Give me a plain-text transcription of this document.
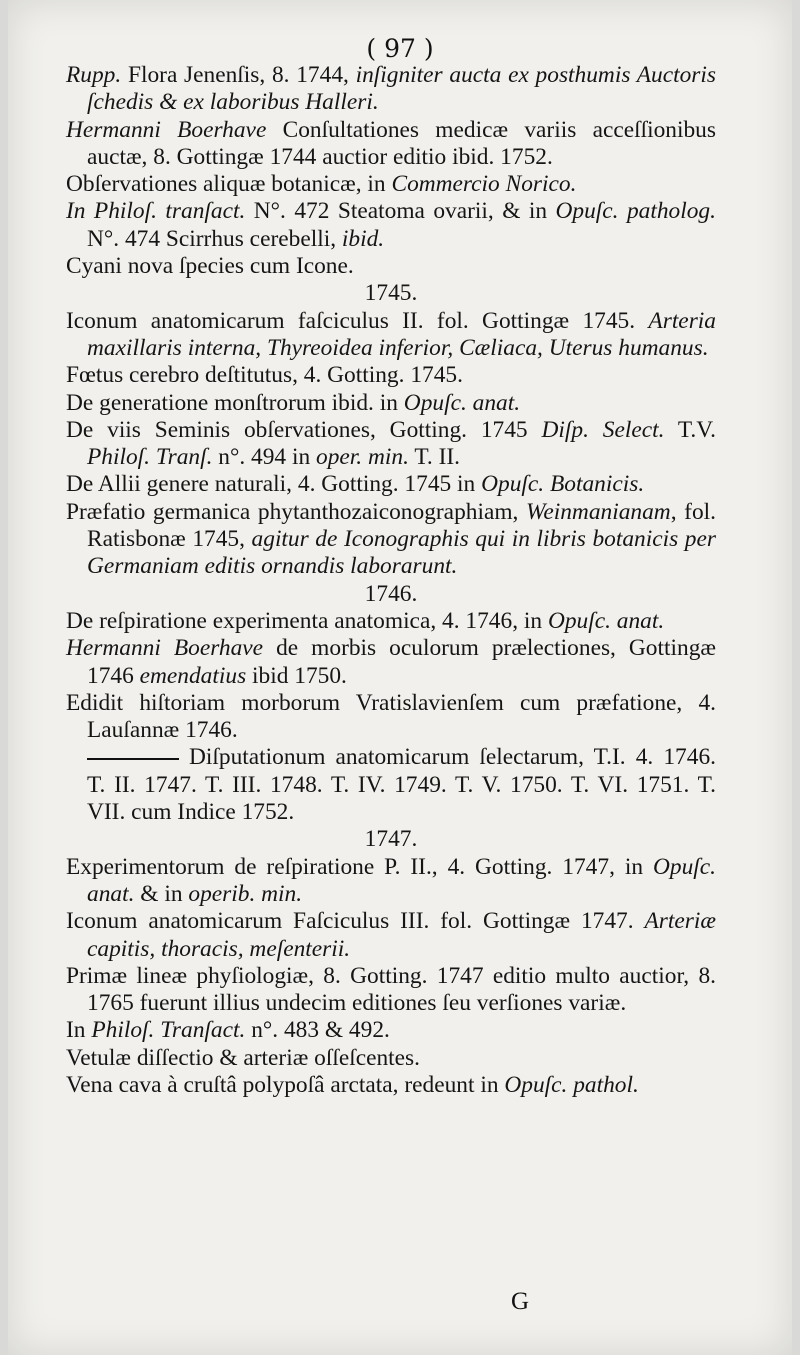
( 97 )

Rupp. Flora Jenenſis, 8. 1744, inſigniter aucta ex posthumis Auctoris ſchedis & ex laboribus Halleri.

Hermanni Boerhave Conſultationes medicæ variis acceſſionibus auctæ, 8. Gottingæ 1744 auctior editio ibid. 1752.

Obſervationes aliquæ botanicæ, in Commercio Norico.

In Philoſ. tranſact. N°. 472 Steatoma ovarii, & in Opuſc. patholog. N°. 474 Scirrhus cerebelli, ibid.

Cyani nova ſpecies cum Icone.

1745.

Iconum anatomicarum faſciculus II. fol. Gottingæ 1745. Arteria maxillaris interna, Thyreoidea inferior, Cæliaca, Uterus humanus.

Fœtus cerebro deſtitutus, 4. Gotting. 1745.

De generatione monſtrorum ibid. in Opuſc. anat.

De viis Seminis obſervationes, Gotting. 1745 Diſp. Select. T.V. Philoſ. Tranſ. n°. 494 in oper. min. T. II.

De Allii genere naturali, 4. Gotting. 1745 in Opuſc. Botanicis.

Præfatio germanica phytanthozaiconographiam, Weinmanianam, fol. Ratisbonæ 1745, agitur de Iconographis qui in libris botanicis per Germaniam editis ornandis laborarunt.

1746.

De reſpiratione experimenta anatomica, 4. 1746, in Opuſc. anat.

Hermanni Boerhave de morbis oculorum prælectiones, Gottingæ 1746 emendatius ibid 1750.

Edidit hiſtoriam morborum Vratislavienſem cum præfatione, 4. Lauſannæ 1746.

Diſputationum anatomicarum ſelectarum, T.I. 4. 1746. T. II. 1747. T. III. 1748. T. IV. 1749. T. V. 1750. T. VI. 1751. T. VII. cum Indice 1752.

1747.

Experimentorum de reſpiratione P. II., 4. Gotting. 1747, in Opuſc. anat. & in operib. min.

Iconum anatomicarum Faſciculus III. fol. Gottingæ 1747. Arteriæ capitis, thoracis, meſenterii.

Primæ lineæ phyſiologiæ, 8. Gotting. 1747 editio multo auctior, 8. 1765 fuerunt illius undecim editiones ſeu verſiones variæ.

In Philoſ. Tranſact. n°. 483 & 492.

Vetulæ diſſectio & arteriæ oſſeſcentes.

Vena cava à cruſtâ polypoſâ arctata, redeunt in Opuſc. pathol.

G
